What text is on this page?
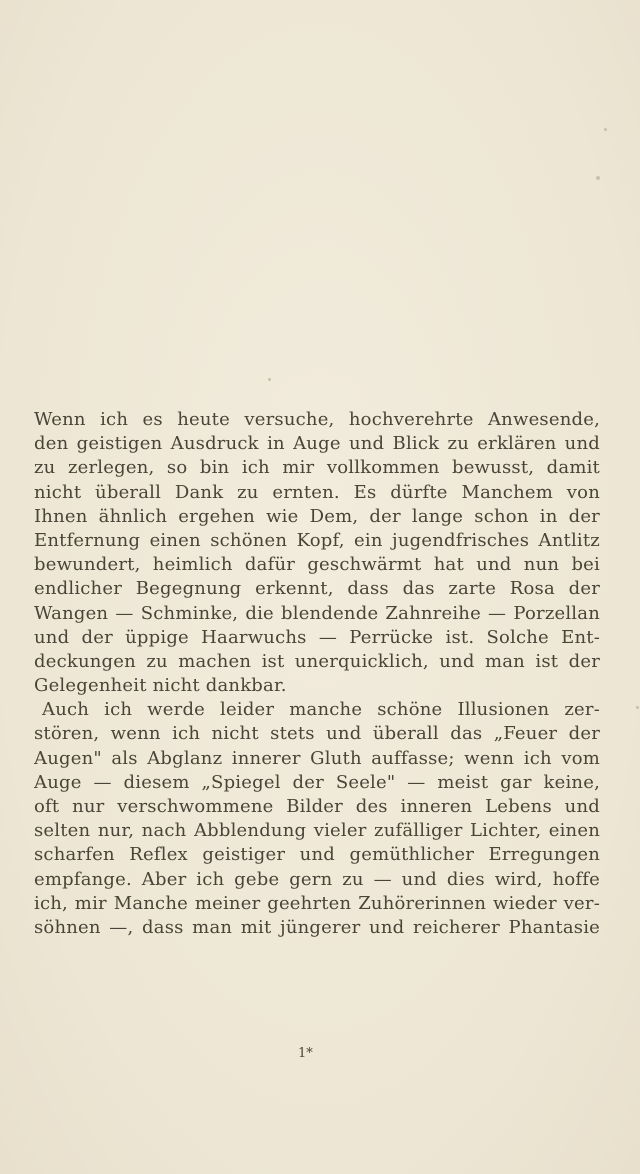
Wenn ich es heute versuche, hochverehrte Anwesende,
den geistigen Ausdruck in Auge und Blick zu erklären und
zu zerlegen, so bin ich mir vollkommen bewusst, damit
nicht überall Dank zu ernten. Es dürfte Manchem von
Ihnen ähnlich ergehen wie Dem, der lange schon in der
Entfernung einen schönen Kopf, ein jugendfrisches Antlitz
bewundert, heimlich dafür geschwärmt hat und nun bei
endlicher Begegnung erkennt, dass das zarte Rosa der
Wangen — Schminke, die blendende Zahnreihe — Porzellan
und der üppige Haarwuchs — Perrücke ist. Solche Ent-
deckungen zu machen ist unerquicklich, und man ist der
Gelegenheit nicht dankbar.
Auch ich werde leider manche schöne Illusionen zer-
stören, wenn ich nicht stets und überall das „Feuer der
Augen" als Abglanz innerer Gluth auffasse; wenn ich vom
Auge — diesem „Spiegel der Seele" — meist gar keine,
oft nur verschwommene Bilder des inneren Lebens und
selten nur, nach Abblendung vieler zufälliger Lichter, einen
scharfen Reflex geistiger und gemüthlicher Erregungen
empfange. Aber ich gebe gern zu — und dies wird, hoffe
ich, mir Manche meiner geehrten Zuhörerinnen wieder ver-
söhnen —, dass man mit jüngerer und reicherer Phantasie
1*
